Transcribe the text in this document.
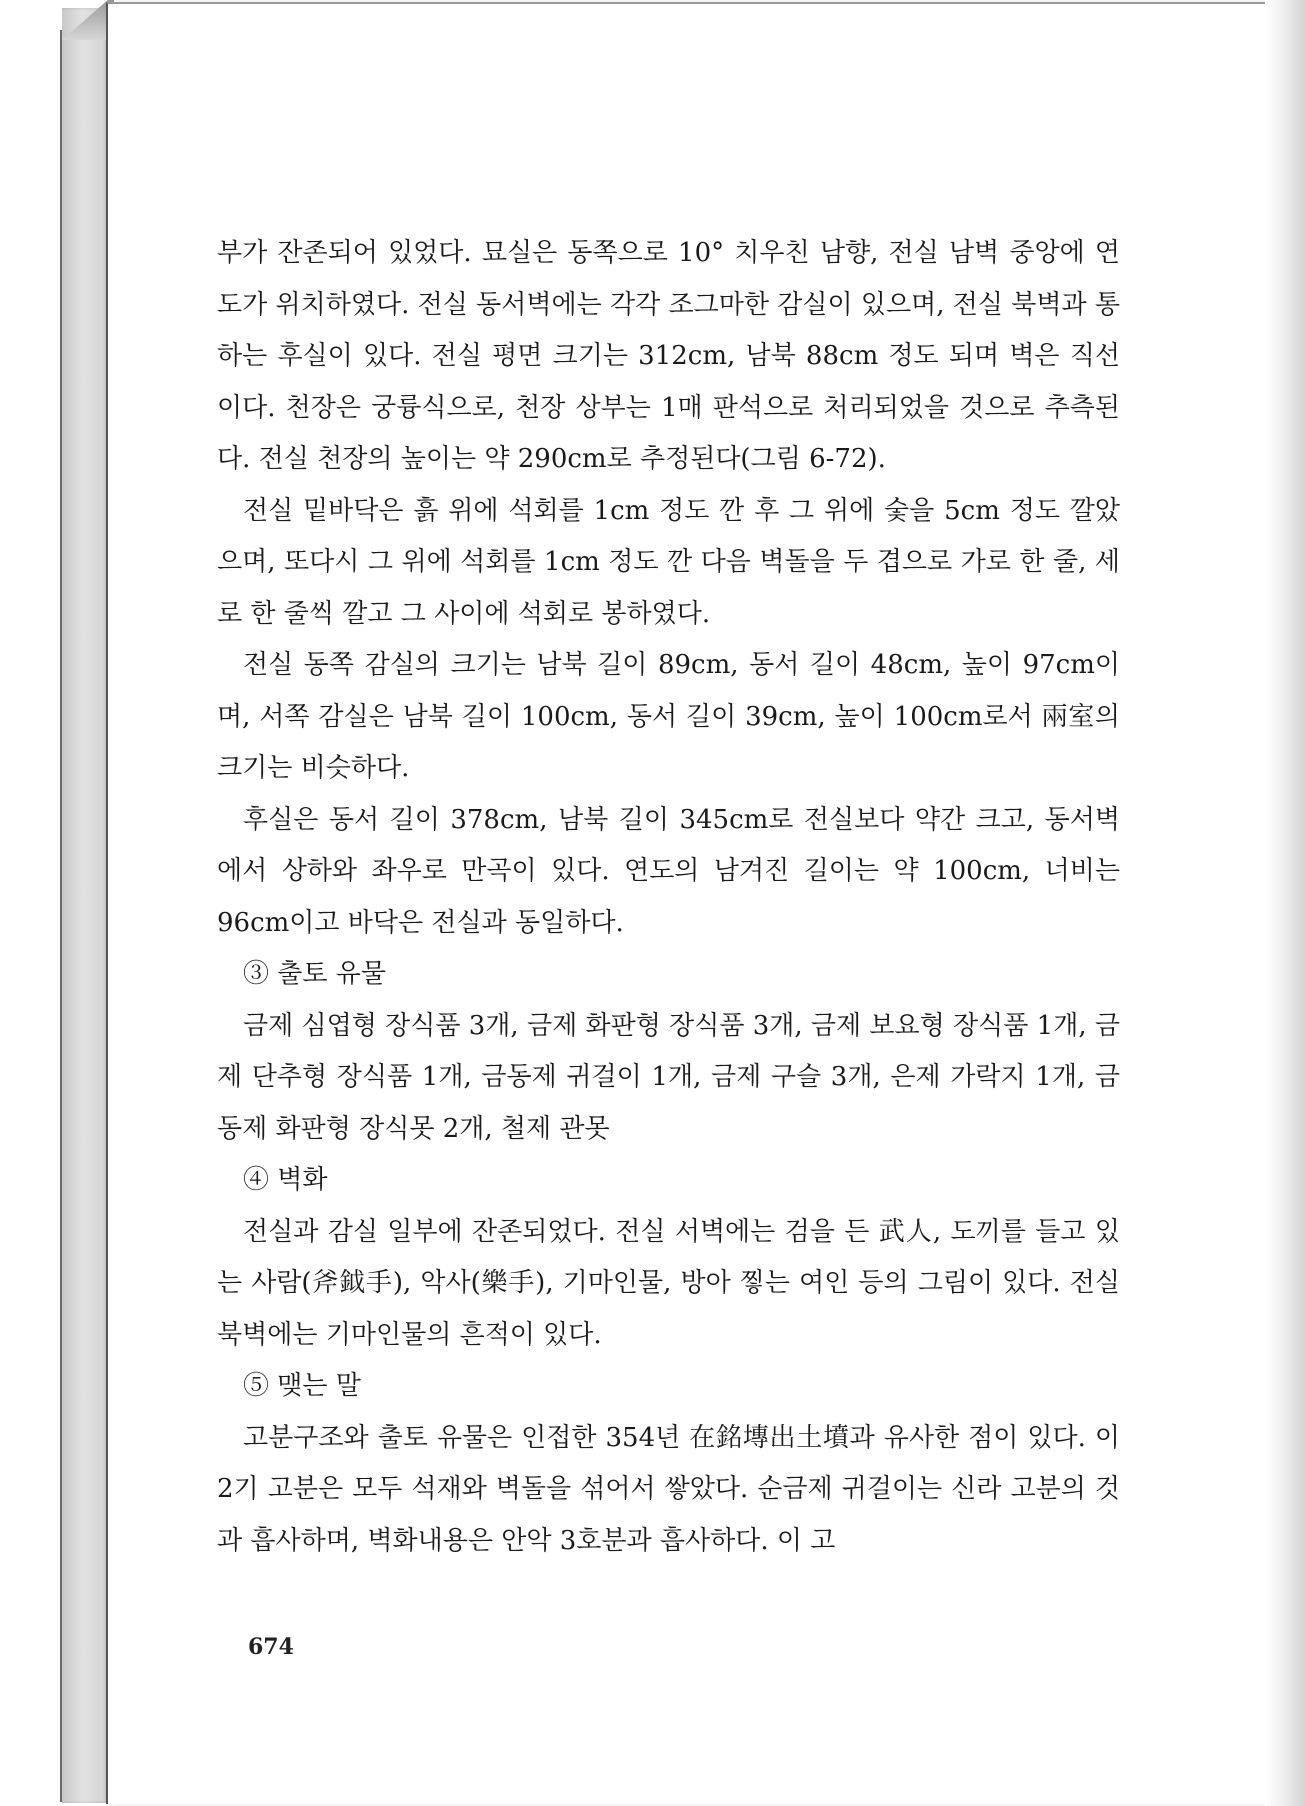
부가 잔존되어 있었다. 묘실은 동쪽으로 10° 치우친 남향, 전실 남벽 중앙에 연도가 위치하였다. 전실 동서벽에는 각각 조그마한 감실이 있으며, 전실 북벽과 통하는 후실이 있다. 전실 평면 크기는 312cm, 남북 88cm 정도 되며 벽은 직선이다. 천장은 궁륭식으로, 천장 상부는 1매 판석으로 처리되었을 것으로 추측된다. 전실 천장의 높이는 약 290cm로 추정된다(그림 6-72).

전실 밑바닥은 흙 위에 석회를 1cm 정도 깐 후 그 위에 숯을 5cm 정도 깔았으며, 또다시 그 위에 석회를 1cm 정도 깐 다음 벽돌을 두 겹으로 가로 한 줄, 세로 한 줄씩 깔고 그 사이에 석회로 봉하였다.

전실 동쪽 감실의 크기는 남북 길이 89cm, 동서 길이 48cm, 높이 97cm이며, 서쪽 감실은 남북 길이 100cm, 동서 길이 39cm, 높이 100cm로서 兩室의 크기는 비슷하다.

후실은 동서 길이 378cm, 남북 길이 345cm로 전실보다 약간 크고, 동서벽에서 상하와 좌우로 만곡이 있다. 연도의 남겨진 길이는 약 100cm, 너비는 96cm이고 바닥은 전실과 동일하다.

③ 출토 유물

금제 심엽형 장식품 3개, 금제 화판형 장식품 3개, 금제 보요형 장식품 1개, 금제 단추형 장식품 1개, 금동제 귀걸이 1개, 금제 구슬 3개, 은제 가락지 1개, 금동제 화판형 장식못 2개, 철제 관못

④ 벽화

전실과 감실 일부에 잔존되었다. 전실 서벽에는 검을 든 武人, 도끼를 들고 있는 사람(斧鉞手), 악사(樂手), 기마인물, 방아 찧는 여인 등의 그림이 있다. 전실 북벽에는 기마인물의 흔적이 있다.

⑤ 맺는 말

고분구조와 출토 유물은 인접한 354년 在銘塼出土墳과 유사한 점이 있다. 이 2기 고분은 모두 석재와 벽돌을 섞어서 쌓았다. 순금제 귀걸이는 신라 고분의 것과 흡사하며, 벽화내용은 안악 3호분과 흡사하다. 이 고

674
